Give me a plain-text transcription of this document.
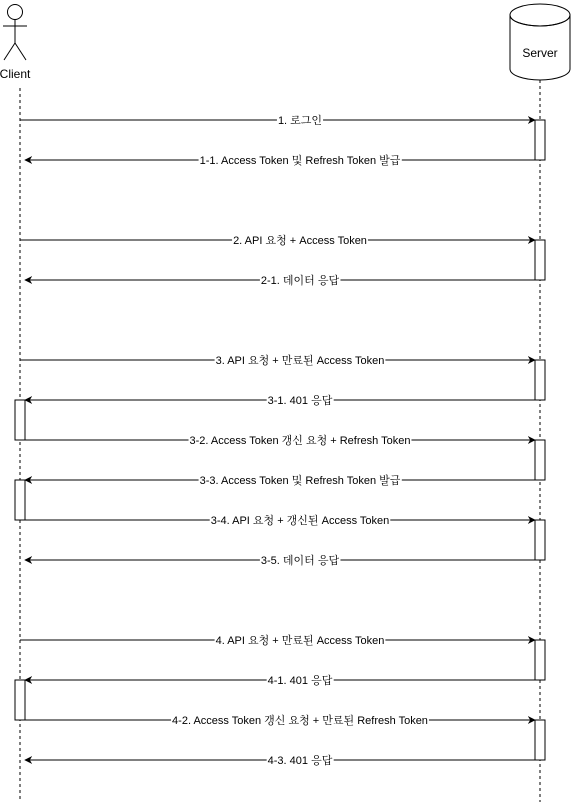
Client
Server
1. 로그인
1-1. Access Token 및 Refresh Token 발급
2. API 요청 + Access Token
2-1. 데이터 응답
3. API 요청 + 만료된 Access Token
3-1. 401 응답
3-2. Access Token 갱신 요청 + Refresh Token
3-3. Access Token 및 Refresh Token 발급
3-4. API 요청 + 갱신된 Access Token
3-5. 데이터 응답
4. API 요청 + 만료된 Access Token
4-1. 401 응답
4-2. Access Token 갱신 요청 + 만료된 Refresh Token
4-3. 401 응답
